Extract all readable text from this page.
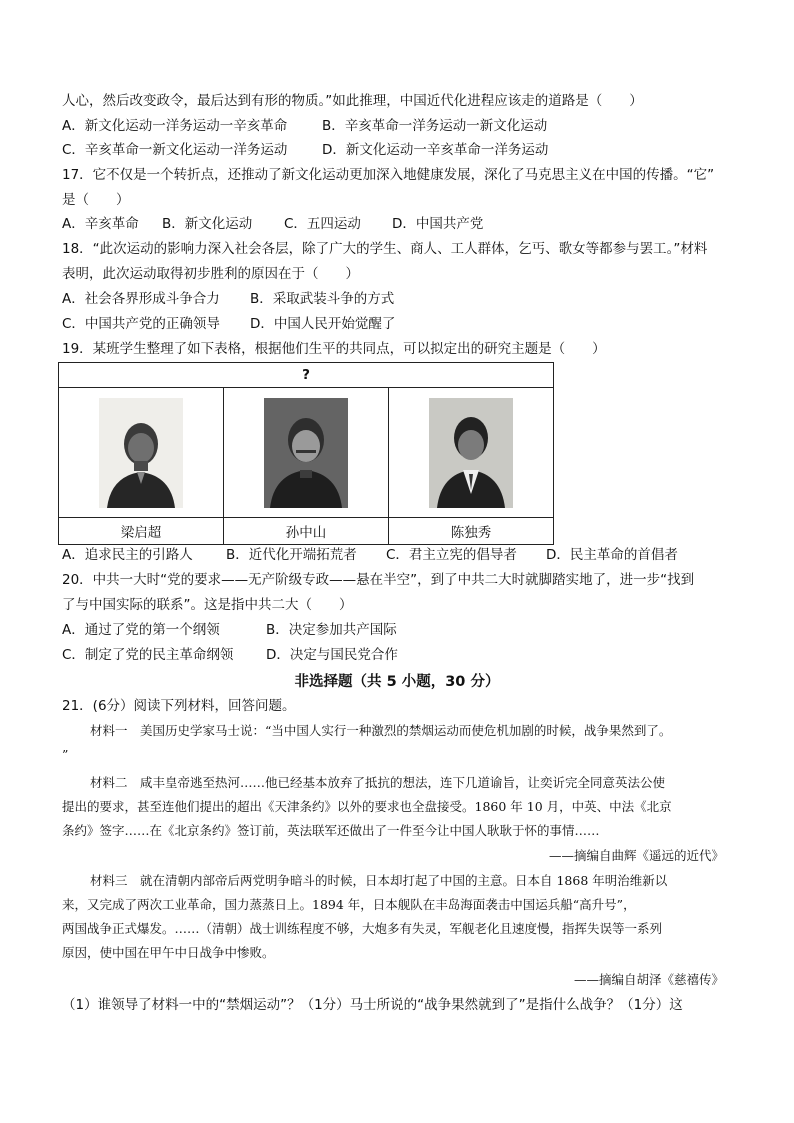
人心，然后改变政令，最后达到有形的物质。”如此推理，中国近代化进程应该走的道路是（　　）
A．新文化运动一洋务运动一辛亥革命	B．辛亥革命一洋务运动一新文化运动
C．辛亥革命一新文化运动一洋务运动	D．新文化运动一辛亥革命一洋务运动
17．它不仅是一个转折点，还推动了新文化运动更加深入地健康发展，深化了马克思主义在中国的传播。“它”
是（　　）
A．辛亥革命 B．新文化运动 C．五四运动 D．中国共产党
18．“此次运动的影响力深入社会各层，除了广大的学生、商人、工人群体，乞丐、歌女等都参与罢工。”材料
表明，此次运动取得初步胜利的原因在于（　　）
A．社会各界形成斗争合力 B．采取武装斗争的方式
C．中国共产党的正确领导 D．中国人民开始觉醒了
19．某班学生整理了如下表格，根据他们生平的共同点，可以拟定出的研究主题是（　　）
?		

梁启超	孙中山	陈独秀
A．追求民主的引路人 B．近代化开端拓荒者 C．君主立宪的倡导者 D．民主革命的首倡者
20．中共一大时“党的要求——无产阶级专政——悬在半空”，到了中共二大时就脚踏实地了，进一步“找到
了与中国实际的联系”。这是指中共二大（　　）
A．通过了党的第一个纲领	B．决定参加共产国际
C．制定了党的民主革命纲领 D．决定与国民党合作
非选择题（共 5 小题，30 分）
21．(6分）阅读下列材料，回答问题。
材料一　美国历史学家马士说：“当中国人实行一种激烈的禁烟运动而使危机加剧的时候，战争果然到了。
”
材料二　咸丰皇帝逃至热河……他已经基本放弃了抵抗的想法，连下几道谕旨，让奕䜣完全同意英法公使
提出的要求，甚至连他们提出的超出《天津条约》以外的要求也全盘接受。1860 年 10 月，中英、中法《北京
条约》签字……在《北京条约》签订前，英法联军还做出了一件至今让中国人耿耿于怀的事情……
——摘编自曲辉《遥远的近代》
材料三　就在清朝内部帝后两党明争暗斗的时候，日本却打起了中国的主意。日本自 1868 年明治维新以
来，又完成了两次工业革命，国力蒸蒸日上。1894 年，日本舰队在丰岛海面袭击中国运兵船“高升号”，
两国战争正式爆发。……（清朝）战士训练程度不够，大炮多有失灵，军舰老化且速度慢，指挥失误等一系列
原因，使中国在甲午中日战争中惨败。
——摘编自胡泽《慈禧传》
（1）谁领导了材料一中的“禁烟运动”？（1分）马士所说的“战争果然就到了”是指什么战争？（1分）这
